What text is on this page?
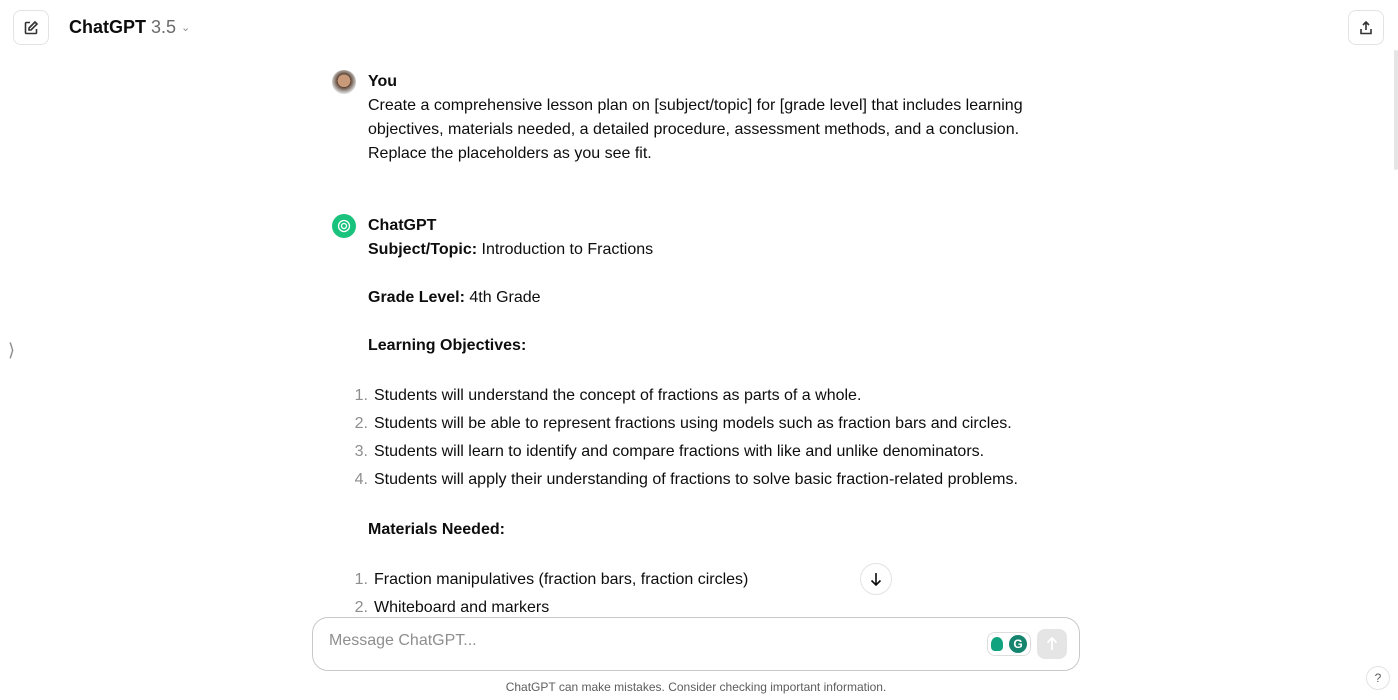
ChatGPT 3.5 ⌄
⟩
You
Create a comprehensive lesson plan on [subject/topic] for [grade level] that includes learning objectives, materials needed, a detailed procedure, assessment methods, and a conclusion. Replace the placeholders as you see fit.
ChatGPT

Subject/Topic: Introduction to Fractions

Grade Level: 4th Grade

Learning Objectives:

1. Students will understand the concept of fractions as parts of a whole.
2. Students will be able to represent fractions using models such as fraction bars and circles.
3. Students will learn to identify and compare fractions with like and unlike denominators.
4. Students will apply their understanding of fractions to solve basic fraction-related problems.

Materials Needed:

1. Fraction manipulatives (fraction bars, fraction circles)
2. Whiteboard and markers
Message ChatGPT...
G
ChatGPT can make mistakes. Consider checking important information.
?
